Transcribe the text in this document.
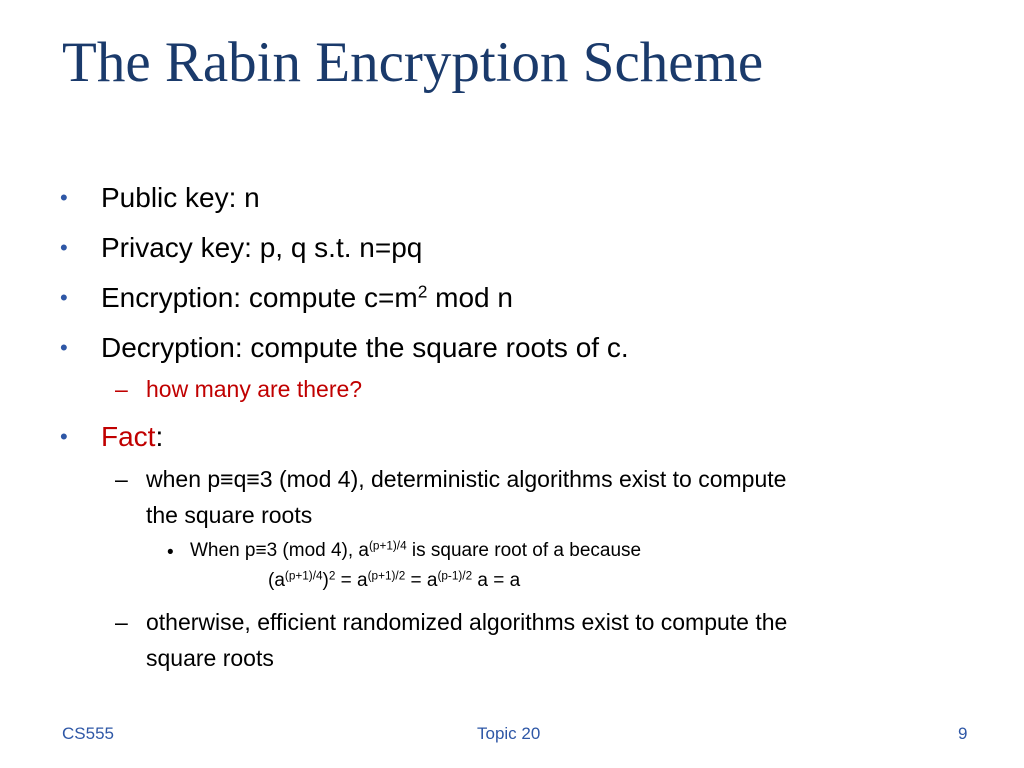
The Rabin Encryption Scheme
• Public key: n
• Privacy key: p, q s.t. n=pq
• Encryption: compute $c=m^2$ mod n
• Decryption: compute the square roots of c.
– how many are there?
• Fact:
– when p≡q≡3 (mod 4), deterministic algorithms exist to compute
the square roots
• When p≡3 (mod 4), $a^{(p+1)/4}$ is square root of a because
$(a^{(p+1)/4})^2 = a^{(p+1)/2} = a^{(p-1)/2}$ a = a
– otherwise, efficient randomized algorithms exist to compute the
square roots
CS555	Topic 20	9
